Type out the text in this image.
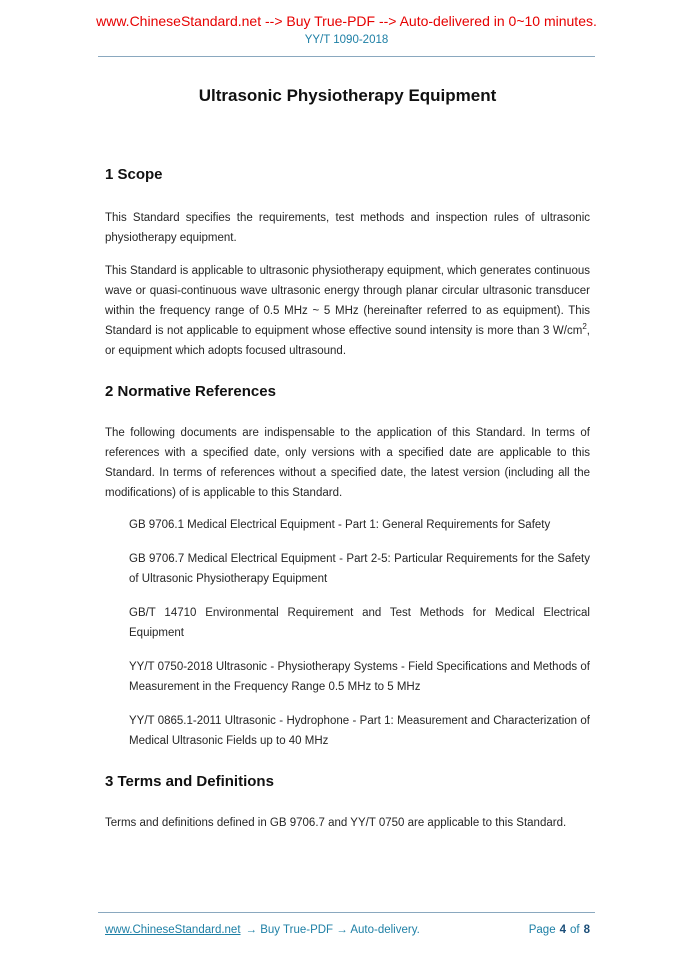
www.ChineseStandard.net --> Buy True-PDF --> Auto-delivered in 0~10 minutes.
YY/T 1090-2018
Ultrasonic Physiotherapy Equipment
1 Scope

This Standard specifies the requirements, test methods and inspection rules of ultrasonic physiotherapy equipment.

This Standard is applicable to ultrasonic physiotherapy equipment, which generates continuous wave or quasi-continuous wave ultrasonic energy through planar circular ultrasonic transducer within the frequency range of 0.5 MHz ~ 5 MHz (hereinafter referred to as equipment). This Standard is not applicable to equipment whose effective sound intensity is more than 3 $W/cm^2$, or equipment which adopts focused ultrasound.

2 Normative References

The following documents are indispensable to the application of this Standard. In terms of references with a specified date, only versions with a specified date are applicable to this Standard. In terms of references without a specified date, the latest version (including all the modifications) of is applicable to this Standard.

GB 9706.1 Medical Electrical Equipment - Part 1: General Requirements for Safety

GB 9706.7 Medical Electrical Equipment - Part 2-5: Particular Requirements for the Safety of Ultrasonic Physiotherapy Equipment

GB/T 14710 Environmental Requirement and Test Methods for Medical Electrical Equipment

YY/T 0750-2018 Ultrasonic - Physiotherapy Systems - Field Specifications and Methods of Measurement in the Frequency Range 0.5 MHz to 5 MHz

YY/T 0865.1-2011 Ultrasonic - Hydrophone - Part 1: Measurement and Characterization of Medical Ultrasonic Fields up to 40 MHz

3 Terms and Definitions

Terms and definitions defined in GB 9706.7 and YY/T 0750 are applicable to this Standard.

www.ChineseStandard.net → Buy True-PDF → Auto-delivery.	Page 4 of 8
